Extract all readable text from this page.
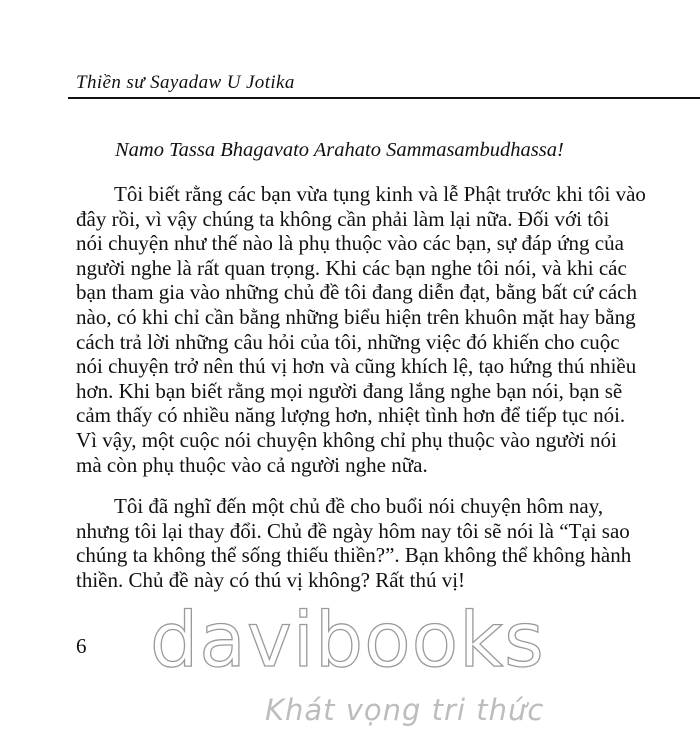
Thiền sư Sayadaw U Jotika
Namo Tassa Bhagavato Arahato Sammasambudhassa!
Tôi biết rằng các bạn vừa tụng kinh và lễ Phật trước khi tôi vào
đây rồi, vì vậy chúng ta không cần phải làm lại nữa. Đối với tôi
nói chuyện như thế nào là phụ thuộc vào các bạn, sự đáp ứng của
người nghe là rất quan trọng. Khi các bạn nghe tôi nói, và khi các
bạn tham gia vào những chủ đề tôi đang diễn đạt, bằng bất cứ cách
nào, có khi chỉ cần bằng những biểu hiện trên khuôn mặt hay bằng
cách trả lời những câu hỏi của tôi, những việc đó khiến cho cuộc
nói chuyện trở nên thú vị hơn và cũng khích lệ, tạo hứng thú nhiều
hơn. Khi bạn biết rằng mọi người đang lắng nghe bạn nói, bạn sẽ
cảm thấy có nhiều năng lượng hơn, nhiệt tình hơn để tiếp tục nói.
Vì vậy, một cuộc nói chuyện không chỉ phụ thuộc vào người nói
mà còn phụ thuộc vào cả người nghe nữa.
Tôi đã nghĩ đến một chủ đề cho buổi nói chuyện hôm nay,
nhưng tôi lại thay đổi. Chủ đề ngày hôm nay tôi sẽ nói là “Tại sao
chúng ta không thể sống thiếu thiền?”. Bạn không thể không hành
thiền. Chủ đề này có thú vị không? Rất thú vị!
6 davibooks
Khát vọng tri thức
